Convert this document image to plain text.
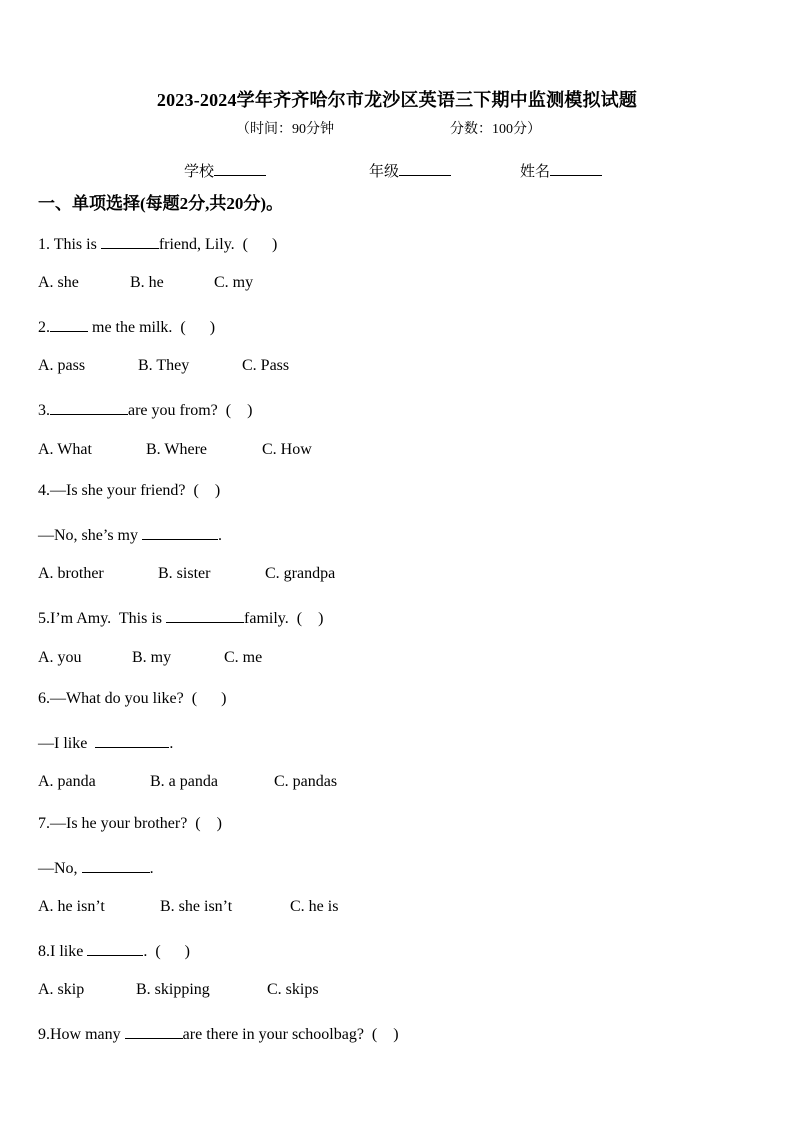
2023-2024学年齐齐哈尔市龙沙区英语三下期中监测模拟试题
（时间：90分钟	分数：100分）
学校	年级	姓名
一、单项选择(每题2分,共20分)。
1. This is	friend, Lily.  (      )
A. she	B. he	C. my
2. me the milk.  (      )
A. pass	B. They	C. Pass
3.	are you from?  (    )
A. What	B. Where	C. How
4.—Is she your friend?  (    )
—No, she’s my	.
A. brother	B. sister	C. grandpa
5.I’m Amy.  This is	family.  (    )
A. you	B. my	C. me
6.—What do you like?  (      )
—I like	.
A. panda	B. a panda	C. pandas
7.—Is he your brother?  (    )
—No,	.
A. he isn’t	B. she isn’t	C. he is
8.I like	.  (      )
A. skip	B. skipping	C. skips
9.How many	are there in your schoolbag?  (    )
